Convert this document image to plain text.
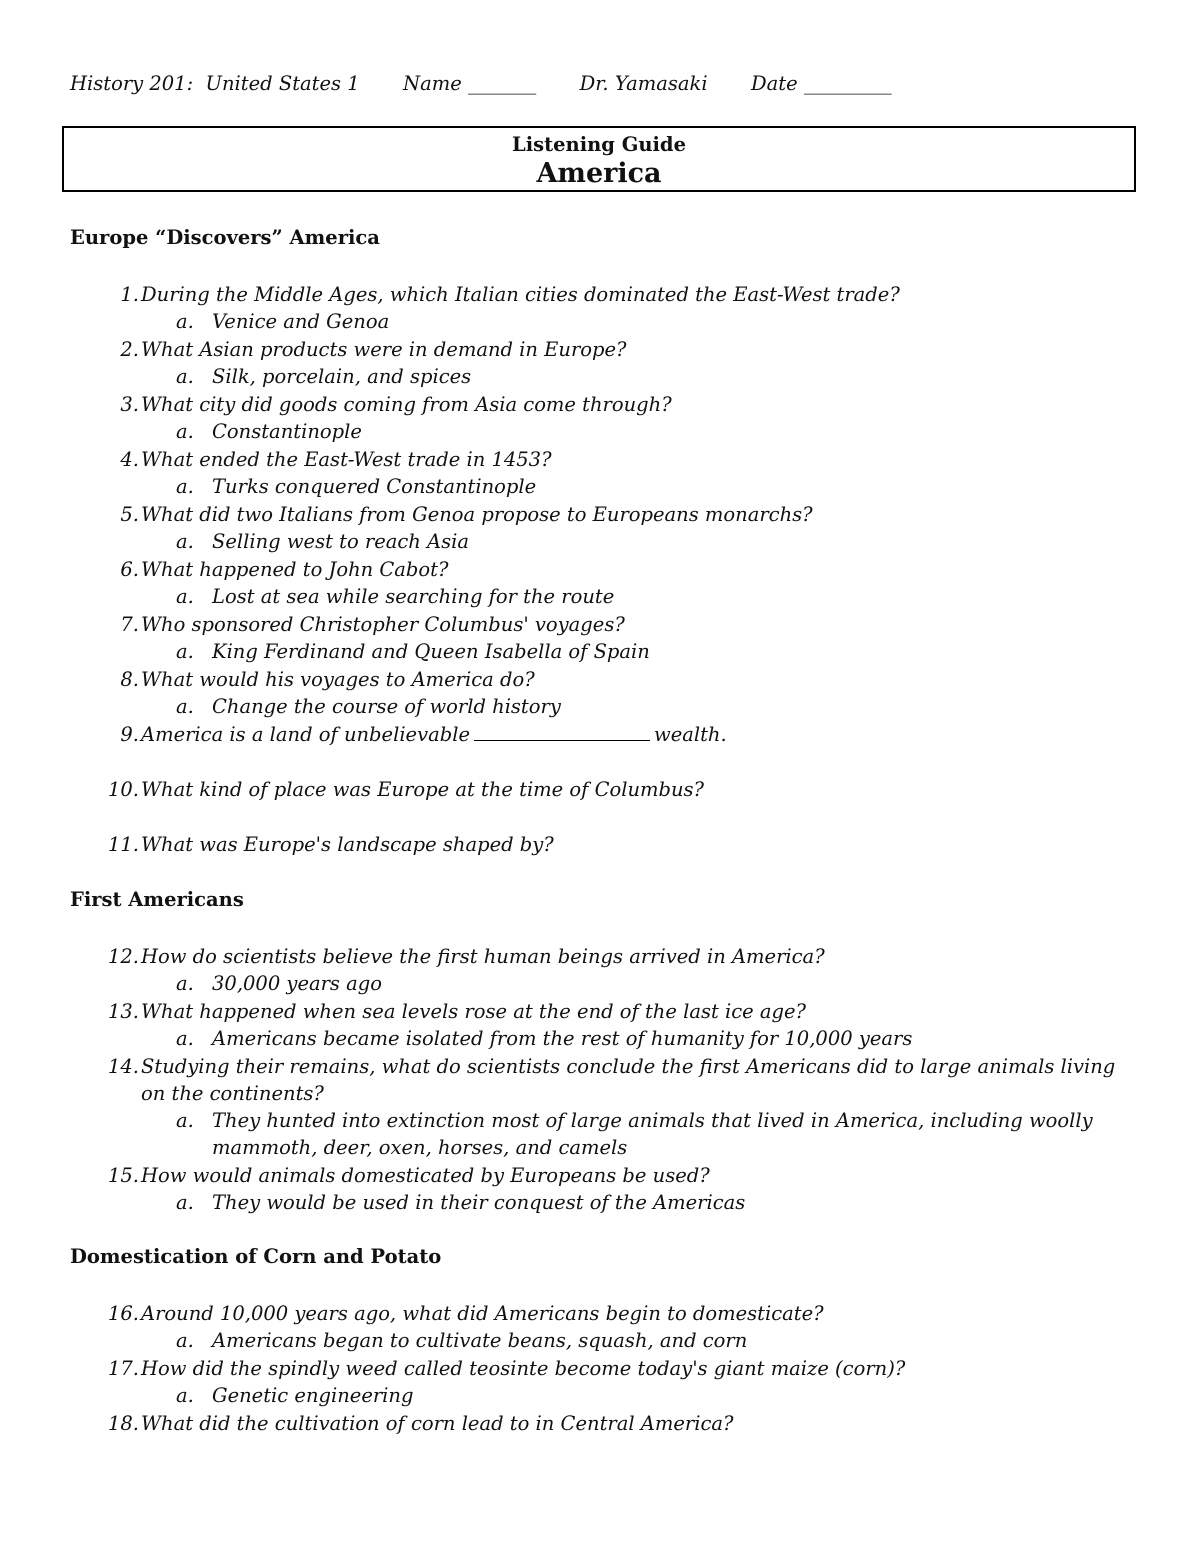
History 201:  United States 1 Name _______ Dr. Yamasaki Date _________
Listening Guide
America
Europe “Discovers” America
1. During the Middle Ages, which Italian cities dominated the East-West trade?
a. Venice and Genoa
2. What Asian products were in demand in Europe?
a. Silk, porcelain, and spices
3. What city did goods coming from Asia come through?
a. Constantinople
4. What ended the East-West trade in 1453?
a. Turks conquered Constantinople
5. What did two Italians from Genoa propose to Europeans monarchs?
a. Selling west to reach Asia
6. What happened to John Cabot?
a. Lost at sea while searching for the route
7. Who sponsored Christopher Columbus' voyages?
a. King Ferdinand and Queen Isabella of Spain
8. What would his voyages to America do?
a. Change the course of world history
9. America is a land of unbelievable	wealth.
10. What kind of place was Europe at the time of Columbus?
11. What was Europe's landscape shaped by?
First Americans
12. How do scientists believe the first human beings arrived in America?
a. 30,000 years ago
13. What happened when sea levels rose at the end of the last ice age?
a. Americans became isolated from the rest of humanity for 10,000 years
14. Studying their remains, what do scientists conclude the first Americans did to large animals living on the continents?
a. They hunted into extinction most of large animals that lived in America, including woolly mammoth, deer, oxen, horses, and camels
15. How would animals domesticated by Europeans be used?
a. They would be used in their conquest of the Americas
Domestication of Corn and Potato
16. Around 10,000 years ago, what did Americans begin to domesticate?
a. Americans began to cultivate beans, squash, and corn
17. How did the spindly weed called teosinte become today's giant maize (corn)?
a. Genetic engineering
18. What did the cultivation of corn lead to in Central America?
